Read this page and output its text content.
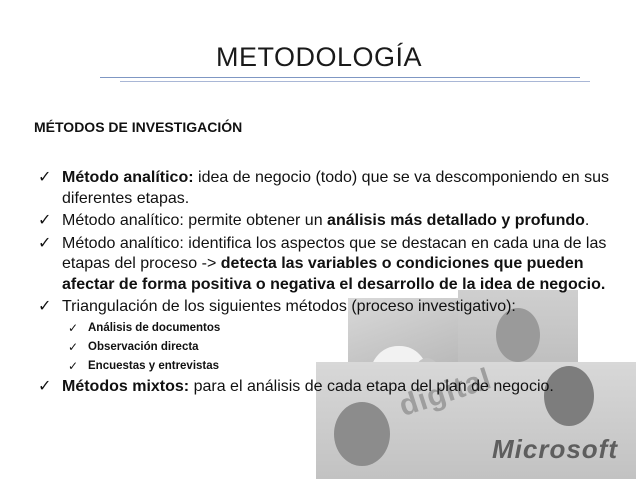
METODOLOGÍA
digital
Microsoft
MÉTODOS DE INVESTIGACIÓN
✓ Método analítico: idea de negocio (todo) que se va descomponiendo en sus diferentes etapas.
✓ Método analítico: permite obtener un análisis más detallado y profundo.
✓ Método analítico: identifica los aspectos que se destacan en cada una de las etapas del proceso -> detecta las variables o condiciones que pueden afectar de forma positiva o negativa el desarrollo de la idea de negocio.
✓ Triangulación de los siguientes métodos (proceso investigativo):
✓ Análisis de documentos
✓ Observación directa
✓ Encuestas y entrevistas
✓ Métodos mixtos: para el análisis de cada etapa del plan de negocio.
